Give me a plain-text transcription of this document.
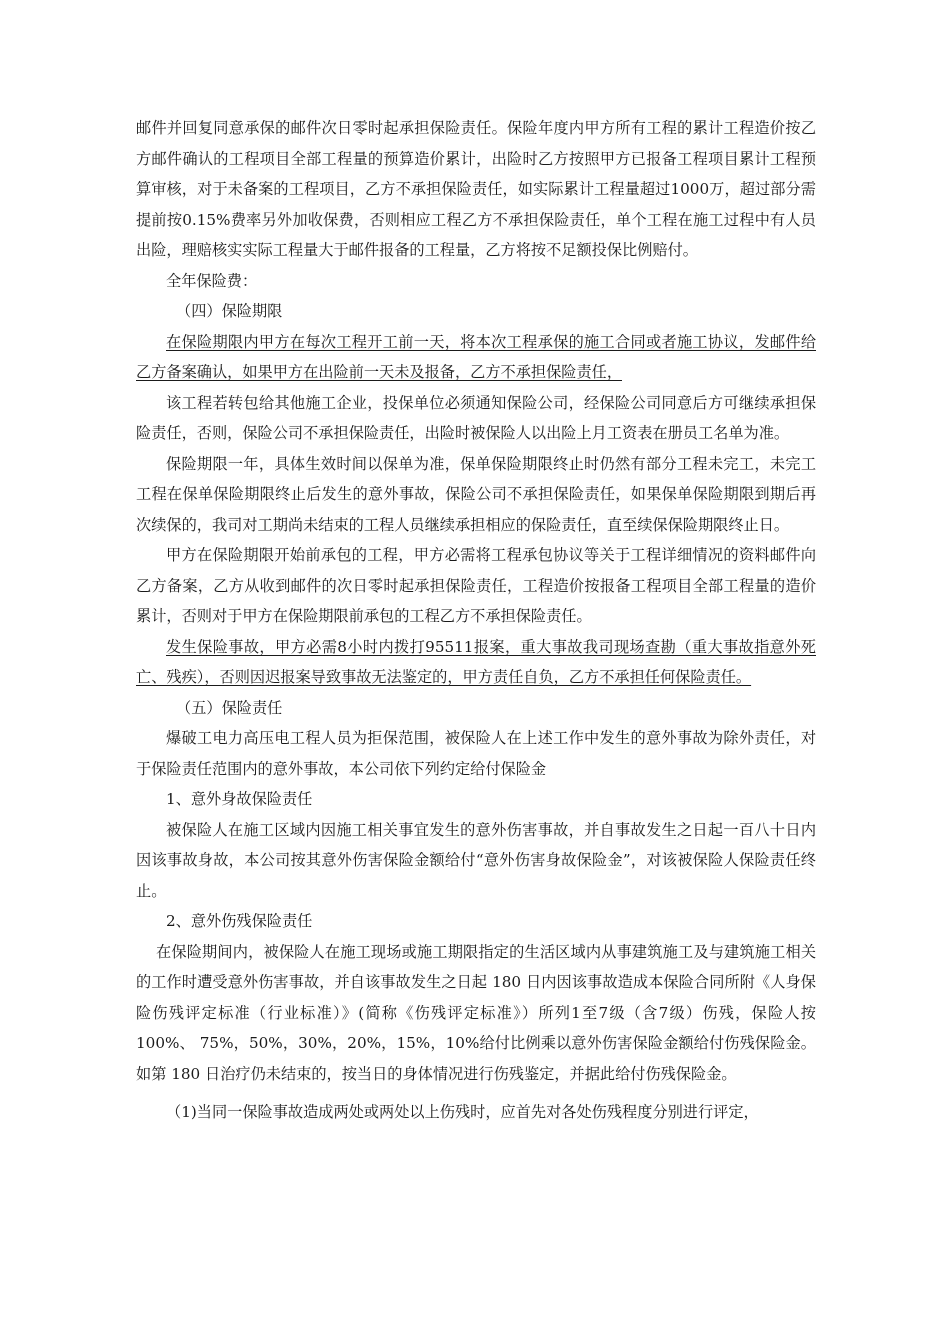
邮件并回复同意承保的邮件次日零时起承担保险责任。保险年度内甲方所有工程的累计工程造价按乙方邮件确认的工程项目全部工程量的预算造价累计，出险时乙方按照甲方已报备工程项目累计工程预算审核，对于未备案的工程项目，乙方不承担保险责任，如实际累计工程量超过1000万，超过部分需提前按0.15%费率另外加收保费，否则相应工程乙方不承担保险责任，单个工程在施工过程中有人员出险，理赔核实实际工程量大于邮件报备的工程量，乙方将按不足额投保比例赔付。

全年保险费：

（四）保险期限

在保险期限内甲方在每次工程开工前一天，将本次工程承保的施工合同或者施工协议，发邮件给乙方备案确认，如果甲方在出险前一天未及报备，乙方不承担保险责任，

该工程若转包给其他施工企业，投保单位必须通知保险公司，经保险公司同意后方可继续承担保险责任，否则，保险公司不承担保险责任，出险时被保险人以出险上月工资表在册员工名单为准。

保险期限一年，具体生效时间以保单为准，保单保险期限终止时仍然有部分工程未完工，未完工工程在保单保险期限终止后发生的意外事故，保险公司不承担保险责任，如果保单保险期限到期后再次续保的，我司对工期尚未结束的工程人员继续承担相应的保险责任，直至续保保险期限终止日。

甲方在保险期限开始前承包的工程，甲方必需将工程承包协议等关于工程详细情况的资料邮件向乙方备案，乙方从收到邮件的次日零时起承担保险责任，工程造价按报备工程项目全部工程量的造价累计，否则对于甲方在保险期限前承包的工程乙方不承担保险责任。

发生保险事故，甲方必需8小时内拨打95511报案，重大事故我司现场查勘（重大事故指意外死亡、残疾），否则因迟报案导致事故无法鉴定的，甲方责任自负，乙方不承担任何保险责任。

（五）保险责任

爆破工电力高压电工程人员为拒保范围，被保险人在上述工作中发生的意外事故为除外责任，对于保险责任范围内的意外事故，本公司依下列约定给付保险金

1、意外身故保险责任

被保险人在施工区域内因施工相关事宜发生的意外伤害事故，并自事故发生之日起一百八十日内因该事故身故，本公司按其意外伤害保险金额给付“意外伤害身故保险金”，对该被保险人保险责任终止。

2、意外伤残保险责任

在保险期间内，被保险人在施工现场或施工期限指定的生活区域内从事建筑施工及与建筑施工相关的工作时遭受意外伤害事故，并自该事故发生之日起 180 日内因该事故造成本保险合同所附《人身保险伤残评定标准（行业标准）》(简称《伤残评定标准》）所列1至7级（含7级）伤残，保险人按100%、 75%，50%，30%，20%，15%，10%给付比例乘以意外伤害保险金额给付伤残保险金。如第 180 日治疗仍未结束的，按当日的身体情况进行伤残鉴定，并据此给付伤残保险金。

（1)当同一保险事故造成两处或两处以上伤残时，应首先对各处伤残程度分别进行评定，
